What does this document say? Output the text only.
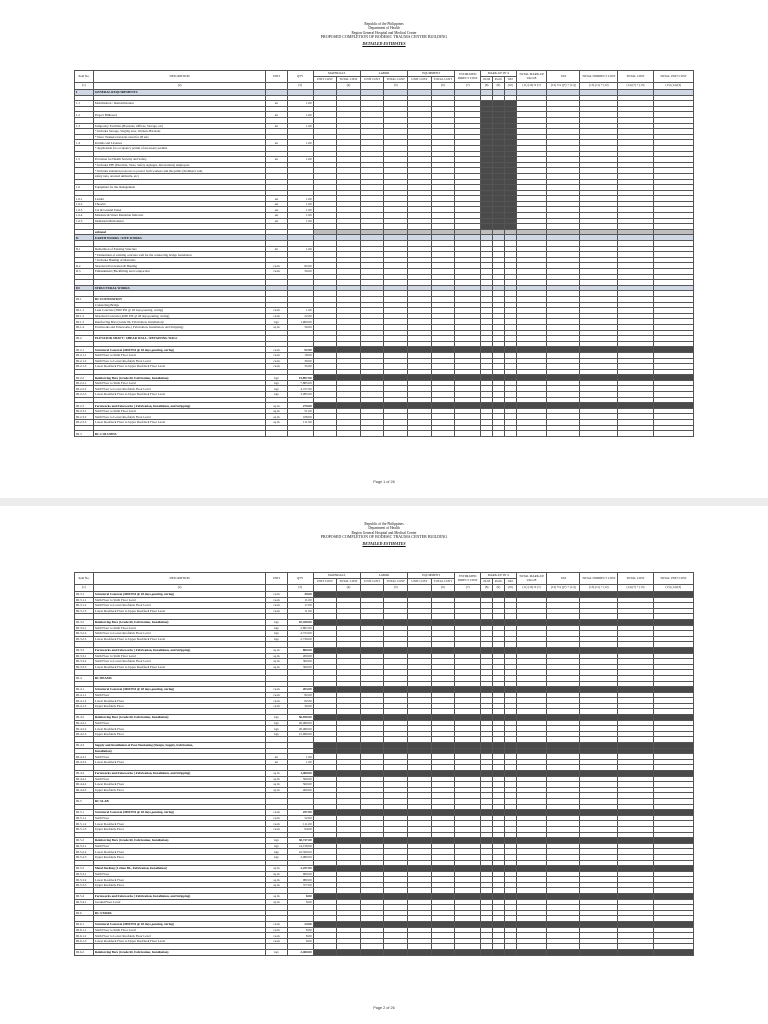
Republic of the Philippines
Department of Health
Region General Hospital and Medical Center
PROPOSED COMPLETION OF BODESIC TRAUMA CENTER BUILDING
DETAILED ESTIMATES
Item No.	DESCRIPTION	UNIT	QTY	MATERIALS		LABOR		EQUIPMENT		ESTIMATED DIRECT COST	MARK-UP IN %			TOTAL MARK-UP VALUE	VAT	TOTAL INDIRECT COST	TOTAL COST	TOTAL UNIT COST
				UNIT COST	TOTAL COST	UNIT COST	TOTAL COST	UNIT COST	TOTAL COST		OCM	Profit	VAT					
(1)	(2)		(3)		(4)		(5)		(6)	(7)	(8)	(9)	(10)	(11) (10) X (7)	(12) 5% [(7) + (11)]	(13) (11) + (12)	(14) (7) + (13)	(15) (14)/(3)
I	GENERAL REQUIREMENTS																	

1.1	Mobilization / Demobilization	lot	1.00															

1.2	Project Billboard	lot	1.00															

1.3	Temporary Facilities (Barracks, Offices, Storage, etc)	lot	1.00															
	* Includes Storage, Staging area, Workers Barracks																	
	* Note: Workers barracks rated for 28 sets																	
1.4	Permits and Licenses	lot	1.00															
	* Application for occupancy permit of necessary permits																	

1.5	Provision for Health Security and Safety	lot	1.00															
	* Includes PPE (Hard hat, Vests, Safety signages, Decorations) employees																	
	* Includes standard protocols to protect both workers and the public (Perimeter wall,																	
	safety nets, arrested umbrella, etc)																	

1.6	Equipment for the management																	

1.6.1	Ladder	set	1.00															
1.6.2	Theodol	set	1.00															
1.6.3	Cat & Ground Tester	set	1.00															
1.6.4	Moisture & Water Retention Indicator	set	1.00															
1.6.5	Insulation Multi-meter	set	1.00															

	subtotal																	
II	EARTH WORKS / SITE WORKS																	

II.1	Demolition of Existing Structure	lot	1.00															
	* Demolition of existing concrete wall for the connecting bridge foundation																	
	* Includes Hauling of Materials																	
II.2	Structural Excavation & Hauling	cu.m	82.00															
II.3	Embankment (Backfilling and Compaction	cu.m	56.00															

III	STRUCTURAL WORKS																	

III.1	RC FOUNDATION																	
	Connecting Bridge																	
III.1.1	Lean Concrete (3000 PSI @ 28 days,pouring, curing)	cu.m	1.00															
III.1.2	Structural Concrete (4000 PSI @ 28 days,pouring, curing)	cu.m	22.00															
III.1.3	Reinforcing Bars (Grade 60, Fabrication, Installation)	kgs	1,900.00															
III.1.4	Formworks and Falseworks ( Fabrication, Installation, and Stripping)	sq.m	56.00															

III.2	ELEVATOR SHAFT / SHEAR WALL / RETAINING WALL																	

III.2.1	Structural Concrete (4000 PSI @ 28 days,pouring, curing)	cu.m	92.00															
III.2.1.1	Sixth Floor to Sixth Floor Level	cu.m	18.00															
III.2.1.2	Sixth Floor to Lower Roofdeck Floor Level	cu.m	39.00															
III.2.1.3	Lower Roofdeck Floor to Upper Roofdeck Floor Level	cu.m	35.00															

III.2.2	Reinforcing Bars (Grade 60, Fabrication, Installation)	kgs	15,897.00															
III.2.2.1	Sixth Floor to Sixth Floor Level	kgs	7,885.00															
III.2.2.2	Sixth Floor to Lower Roofdeck Floor Level	kgs	4,727.00															
III.2.2.3	Lower Roofdeck Floor to Upper Roofdeck Floor Level	kgs	3,285.00															

III.2.3	Formworks and Falseworks ( Fabrication, Installation, and Stripping)	sq.m	270.00															
III.2.3.1	Sixth Floor to Sixth Floor Level	sq.m	51.00															
III.2.3.2	Sixth Floor to Lower Roofdeck Floor Level	sq.m	108.00															
III.2.3.3	Lower Roofdeck Floor to Upper Roofdeck Floor Level	sq.m	111.00															

III.3	RC COLUMNS																	
Page 1 of 26
Republic of the Philippines
Department of Health
Region General Hospital and Medical Center
PROPOSED COMPLETION OF BODESIC TRAUMA CENTER BUILDING
DETAILED ESTIMATES
Item No.	DESCRIPTION	UNIT	QTY	MATERIALS		LABOR		EQUIPMENT		ESTIMATED DIRECT COST	MARK-UP IN %			TOTAL MARK-UP VALUE	VAT	TOTAL INDIRECT COST	TOTAL COST	TOTAL UNIT COST
				UNIT COST	TOTAL COST	UNIT COST	TOTAL COST	UNIT COST	TOTAL COST		OCM	Profit	VAT					
(1)	(2)		(3)		(4)		(5)		(6)	(7)	(8)	(9)	(10)	(11) (10) X (7)	(12) 5% [(7) + (11)]	(13) (11) + (12)	(14) (7) + (13)	(15) (14)/(3)
III.3.1	Structural Concrete (4000 PSI @ 28 days,pouring, curing)	cu.m	39.00															
III.3.1.1	Sixth Floor to Sixth Floor Level	cu.m	11.00															
III.3.1.2	Sixth Floor to Lower Roofdeck Floor Level	cu.m	17.00															
III.3.1.3	Lower Roofdeck Floor to Upper Roofdeck Floor Level	cu.m	11.00															

III.3.2	Reinforcing Bars (Grade 60, Fabrication, Installation)	kgs	10,350.00															
III.3.2.1	Sixth Floor to Sixth Floor Level	kgs	2,897.00															
III.3.2.2	Sixth Floor to Lower Roofdeck Floor Level	kgs	4,723.00															
III.3.2.3	Lower Roofdeck Floor to Upper Roofdeck Floor Level	kgs	2,730.00															

III.3.3	Formworks and Falseworks ( Fabrication, Installation, and Stripping)	sq.m	800.00															
III.3.3.1	Sixth Floor to Sixth Floor Level	sq.m	200.00															
III.3.3.2	Sixth Floor to Lower Roofdeck Floor Level	sq.m	300.00															
III.3.3.3	Lower Roofdeck Floor to Upper Roofdeck Floor Level	sq.m	300.00															

III.4	RC BEAMS																	

III.4.1	Structural Concrete (4000 PSI @ 28 days,pouring, curing)	cu.m	203.00															
III.4.1.1	Sixth Floor	cu.m	82.00															
III.4.1.2	Lower Roofdeck Floor	cu.m	82.00															
III.4.1.3	Upper Roofdeck Floor	cu.m	39.00															

III.4.2	Reinforcing Bars (Grade 60, Fabrication, Installation)	kgs	56,950.00															
III.4.2.1	Sixth Floor	kgs	20,480.00															
III.4.2.2	Lower Roofdeck Floor	kgs	20,480.00															
III.4.2.3	Upper Roofdeck Floor	kgs	15,990.00															

III.4.3	Supply and Installation of Post-Tensioning (Design, Supply, Fabrication,																	
	Installation)																	
III.4.3.1	Sixth Floor	lot	1.00															
III.4.3.2	Lower Roofdeck Floor	lot	1.00															

III.4.4	Formworks and Falseworks ( Fabrication, Installation, and Stripping)	sq.m	1,400.00															
III.4.4.1	Sixth Floor	sq.m	500.00															
III.4.4.2	Lower Roofdeck Floor	sq.m	500.00															
III.4.4.3	Upper Roofdeck Floor	sq.m	400.00															

III.5	RC SLAB																	

III.5.1	Structural Concrete (4000 PSI @ 28 days,pouring, curing)	cu.m	257.00															
III.5.1.1	Sixth Floor	cu.m	52.00															
III.5.1.2	Lower Roofdeck Floor	cu.m	111.00															
III.5.1.3	Upper Roofdeck Floor	cu.m	94.00															

III.5.2	Reinforcing Bars (Grade 60, Fabrication, Installation)	kgs	38,747.00															
III.5.2.1	Sixth Floor	kgs	14,158.00															
III.5.2.2	Lower Roofdeck Floor	kgs	22,509.00															
III.5.2.3	Upper Roofdeck Floor	kgs	2,080.00															

III.5.3	Metal Decking (1.2mm BL, Fabrication, Installation)	sq.m	2,257.00															
III.5.3.1	Sixth Floor	sq.m	900.00															
III.5.3.2	Lower Roofdeck Floor	sq.m	980.00															
III.5.3.3	Upper Roofdeck Floor	sq.m	377.00															

III.5.4	Formworks and Falseworks ( Fabrication, Installation, and Stripping)	sq.m	8.00															
III.5.4.1	Ground Floor Level	sq.m	8.00															

III.6	RC STAIRS																	

III.6.1	Structural Concrete (4000 PSI @ 28 days,pouring, curing)	cu.m	24.00															
III.6.1.1	Sixth Floor to Sixth Floor Level	cu.m	8.00															
III.6.1.2	Sixth Floor to Lower Roofdeck Floor Level	cu.m	8.00															
III.6.1.3	Lower Roofdeck Floor to Upper Roofdeck Floor Level	cu.m	8.00															

III.6.2	Reinforcing Bars (Grade 60, Fabrication, Installation)	kgs	2,400.00															
Page 2 of 26
